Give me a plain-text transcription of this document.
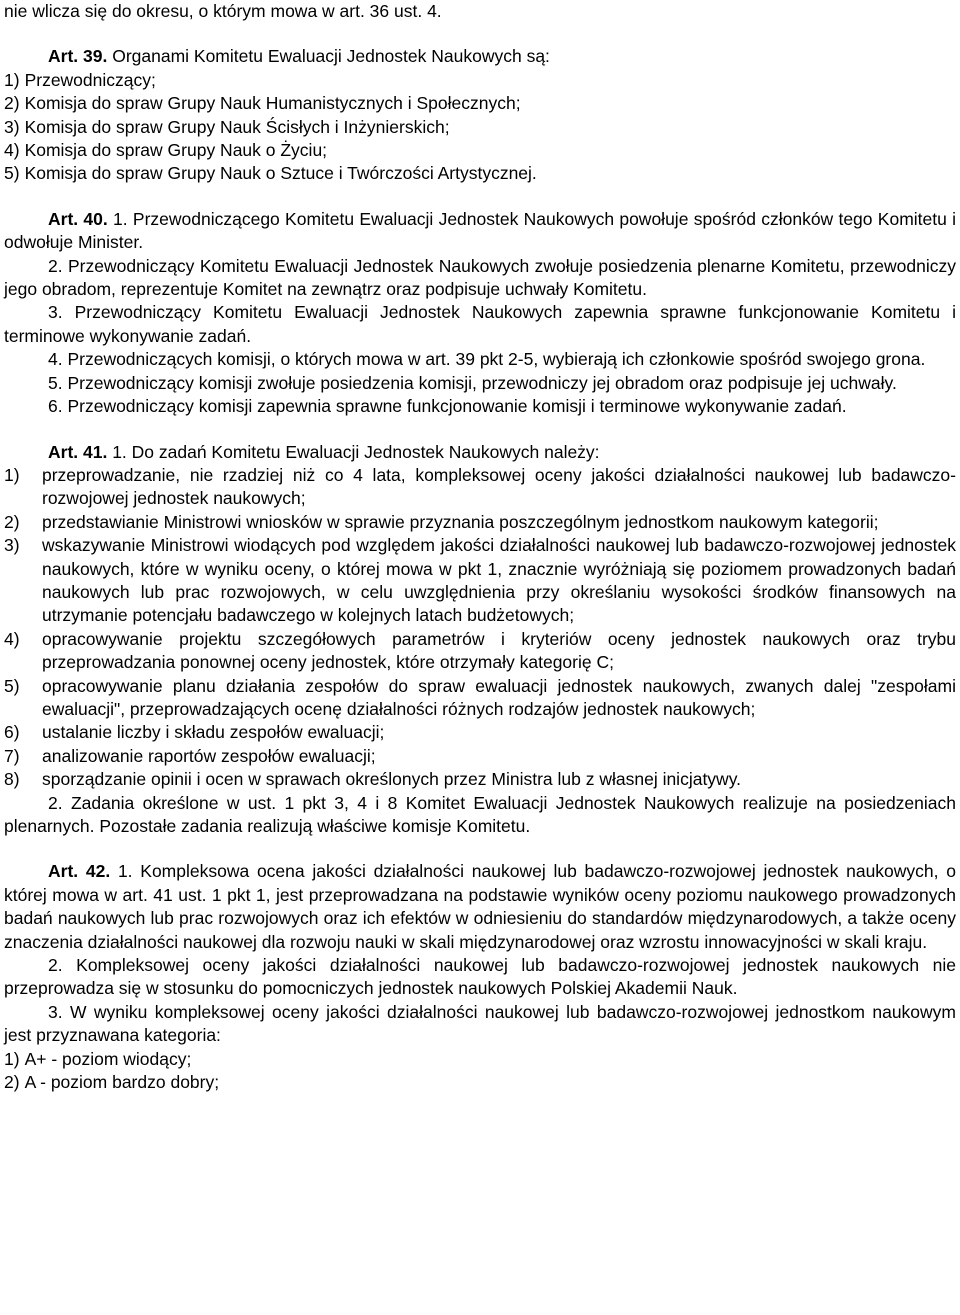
nie wlicza się do okresu, o którym mowa w art. 36 ust. 4.

Art. 39. Organami Komitetu Ewaluacji Jednostek Naukowych są:

1) Przewodniczący;
2) Komisja do spraw Grupy Nauk Humanistycznych i Społecznych;
3) Komisja do spraw Grupy Nauk Ścisłych i Inżynierskich;
4) Komisja do spraw Grupy Nauk o Życiu;
5) Komisja do spraw Grupy Nauk o Sztuce i Twórczości Artystycznej.

Art. 40. 1. Przewodniczącego Komitetu Ewaluacji Jednostek Naukowych powołuje spośród członków tego Komitetu i odwołuje Minister.

2. Przewodniczący Komitetu Ewaluacji Jednostek Naukowych zwołuje posiedzenia plenarne Komitetu, przewodniczy jego obradom, reprezentuje Komitet na zewnątrz oraz podpisuje uchwały Komitetu.

3. Przewodniczący Komitetu Ewaluacji Jednostek Naukowych zapewnia sprawne funkcjonowanie Komitetu i terminowe wykonywanie zadań.

4. Przewodniczących komisji, o których mowa w art. 39 pkt 2-5, wybierają ich członkowie spośród swojego grona.

5. Przewodniczący komisji zwołuje posiedzenia komisji, przewodniczy jej obradom oraz podpisuje jej uchwały.

6. Przewodniczący komisji zapewnia sprawne funkcjonowanie komisji i terminowe wykonywanie zadań.

Art. 41. 1. Do zadań Komitetu Ewaluacji Jednostek Naukowych należy:

1)	przeprowadzanie, nie rzadziej niż co 4 lata, kompleksowej oceny jakości działalności naukowej lub badawczo-rozwojowej jednostek naukowych;
2)	przedstawianie Ministrowi wniosków w sprawie przyznania poszczególnym jednostkom naukowym kategorii;
3)	wskazywanie Ministrowi wiodących pod względem jakości działalności naukowej lub badawczo-rozwojowej jednostek naukowych, które w wyniku oceny, o której mowa w pkt 1, znacznie wyróżniają się poziomem prowadzonych badań naukowych lub prac rozwojowych, w celu uwzględnienia przy określaniu wysokości środków finansowych na utrzymanie potencjału badawczego w kolejnych latach budżetowych;
4)	opracowywanie projektu szczegółowych parametrów i kryteriów oceny jednostek naukowych oraz trybu przeprowadzania ponownej oceny jednostek, które otrzymały kategorię C;
5)	opracowywanie planu działania zespołów do spraw ewaluacji jednostek naukowych, zwanych dalej "zespołami ewaluacji", przeprowadzających ocenę działalności różnych rodzajów jednostek naukowych;
6)	ustalanie liczby i składu zespołów ewaluacji;
7)	analizowanie raportów zespołów ewaluacji;
8)	sporządzanie opinii i ocen w sprawach określonych przez Ministra lub z własnej inicjatywy.

2. Zadania określone w ust. 1 pkt 3, 4 i 8 Komitet Ewaluacji Jednostek Naukowych realizuje na posiedzeniach plenarnych. Pozostałe zadania realizują właściwe komisje Komitetu.

Art. 42. 1. Kompleksowa ocena jakości działalności naukowej lub badawczo-rozwojowej jednostek naukowych, o której mowa w art. 41 ust. 1 pkt 1, jest przeprowadzana na podstawie wyników oceny poziomu naukowego prowadzonych badań naukowych lub prac rozwojowych oraz ich efektów w odniesieniu do standardów międzynarodowych, a także oceny znaczenia działalności naukowej dla rozwoju nauki w skali międzynarodowej oraz wzrostu innowacyjności w skali kraju.

2. Kompleksowej oceny jakości działalności naukowej lub badawczo-rozwojowej jednostek naukowych nie przeprowadza się w stosunku do pomocniczych jednostek naukowych Polskiej Akademii Nauk.

3. W wyniku kompleksowej oceny jakości działalności naukowej lub badawczo-rozwojowej jednostkom naukowym jest przyznawana kategoria:

1) A+ - poziom wiodący;
2) A - poziom bardzo dobry;
